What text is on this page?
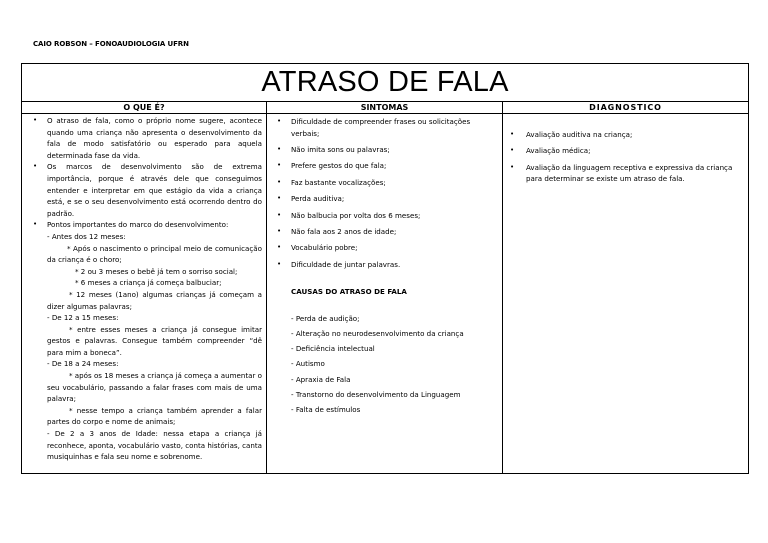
CAIO ROBSON – FONOAUDIOLOGIA UFRN
ATRASO DE FALA
O QUE É?	SINTOMAS	DIAGNOSTICO
• O atraso de fala, como o próprio nome sugere, acontece quando uma criança não apresenta o desenvolvimento da fala de modo satisfatório ou esperado para aquela determinada fase da vida.
• Os marcos de desenvolvimento são de extrema importância, porque é através dele que conseguimos entender e interpretar em que estágio da vida a criança está, e se o seu desenvolvimento está ocorrendo dentro do padrão.
• Pontos importantes do marco do desenvolvimento:
- Antes dos 12 meses:
* Após o nascimento o principal meio de comunicação da criança é o choro;
* 2 ou 3 meses o bebê já tem o sorriso social;
* 6 meses a criança já começa balbuciar;
* 12 meses (1ano) algumas crianças já começam a dizer algumas palavras;
- De 12 a 15 meses:
* entre esses meses a criança já consegue imitar gestos e palavras. Consegue também compreender “dê para mim a boneca”.
- De 18 a 24 meses:
* após os 18 meses a criança já começa a aumentar o seu vocabulário, passando a falar frases com mais de uma palavra;
* nesse tempo a criança também aprender a falar partes do corpo e nome de animais;
- De 2 a 3 anos de Idade: nessa etapa a criança já reconhece, aponta, vocabulário vasto, conta histórias, canta musiquinhas e fala seu nome e sobrenome.
• Dificuldade de compreender frases ou solicitações verbais;
• Não imita sons ou palavras;
• Prefere gestos do que fala;
• Faz bastante vocalizações;
• Perda auditiva;
• Não balbucia por volta dos 6 meses;
• Não fala aos 2 anos de idade;
• Vocabulário pobre;
• Dificuldade de juntar palavras.
CAUSAS DO ATRASO DE FALA
- Perda de audição;
- Alteração no neurodesenvolvimento da criança
- Deficiência intelectual
- Autismo
- Apraxia de Fala
- Transtorno do desenvolvimento da Linguagem
- Falta de estímulos
• Avaliação auditiva na criança;
• Avaliação médica;
• Avaliação da linguagem receptiva e expressiva da criança para determinar se existe um atraso de fala.
